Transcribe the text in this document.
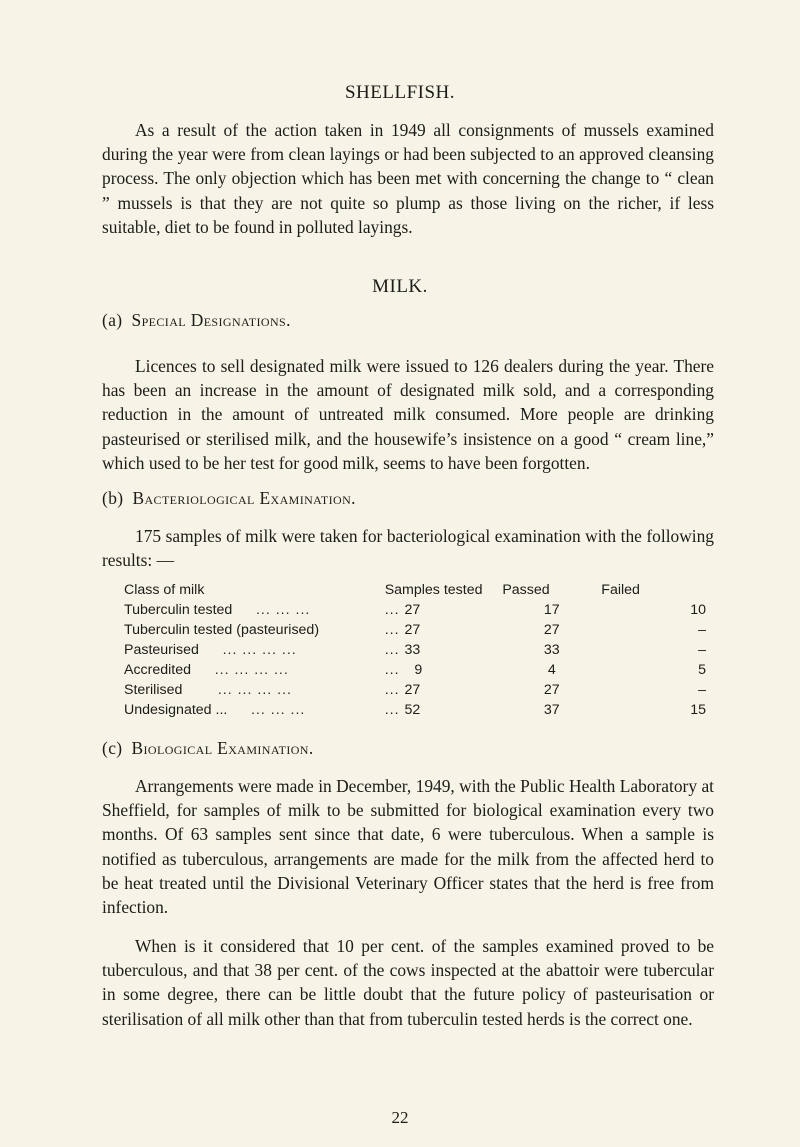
SHELLFISH.

As a result of the action taken in 1949 all consignments of mussels examined during the year were from clean layings or had been subjected to an approved cleansing process. The only objection which has been met with concerning the change to “ clean ” mussels is that they are not quite so plump as those living on the richer, if less suitable, diet to be found in polluted layings.

MILK.
(a) Special Designations.

Licences to sell designated milk were issued to 126 dealers during the year. There has been an increase in the amount of designated milk sold, and a corresponding reduction in the amount of untreated milk consumed. More people are drinking pasteurised or sterilised milk, and the housewife’s insistence on a good “ cream line,” which used to be her test for good milk, seems to have been forgotten.

(b) Bacteriological Examination.

175 samples of milk were taken for bacteriological examination with the following results: —

Class of milk	Samples tested	Passed	Failed
Tuberculin tested ... ... ...	... 27	17	10
Tuberculin tested (pasteurised)	... 27	27	–
Pasteurised ... ... ... ...	... 33	33	–
Accredited ... ... ... ...	...   9	4	5
Sterilised ... ... ... ...	... 27	27	–
Undesignated ... ... ... ...	... 52	37	15
(c) Biological Examination.

Arrangements were made in December, 1949, with the Public Health Laboratory at Sheffield, for samples of milk to be submitted for biological examination every two months. Of 63 samples sent since that date, 6 were tuberculous. When a sample is notified as tuberculous, arrangements are made for the milk from the affected herd to be heat treated until the Divisional Veterinary Officer states that the herd is free from infection.

When is it considered that 10 per cent. of the samples examined proved to be tuberculous, and that 38 per cent. of the cows inspected at the abattoir were tubercular in some degree, there can be little doubt that the future policy of pasteurisation or sterilisation of all milk other than that from tuberculin tested herds is the correct one.

22
